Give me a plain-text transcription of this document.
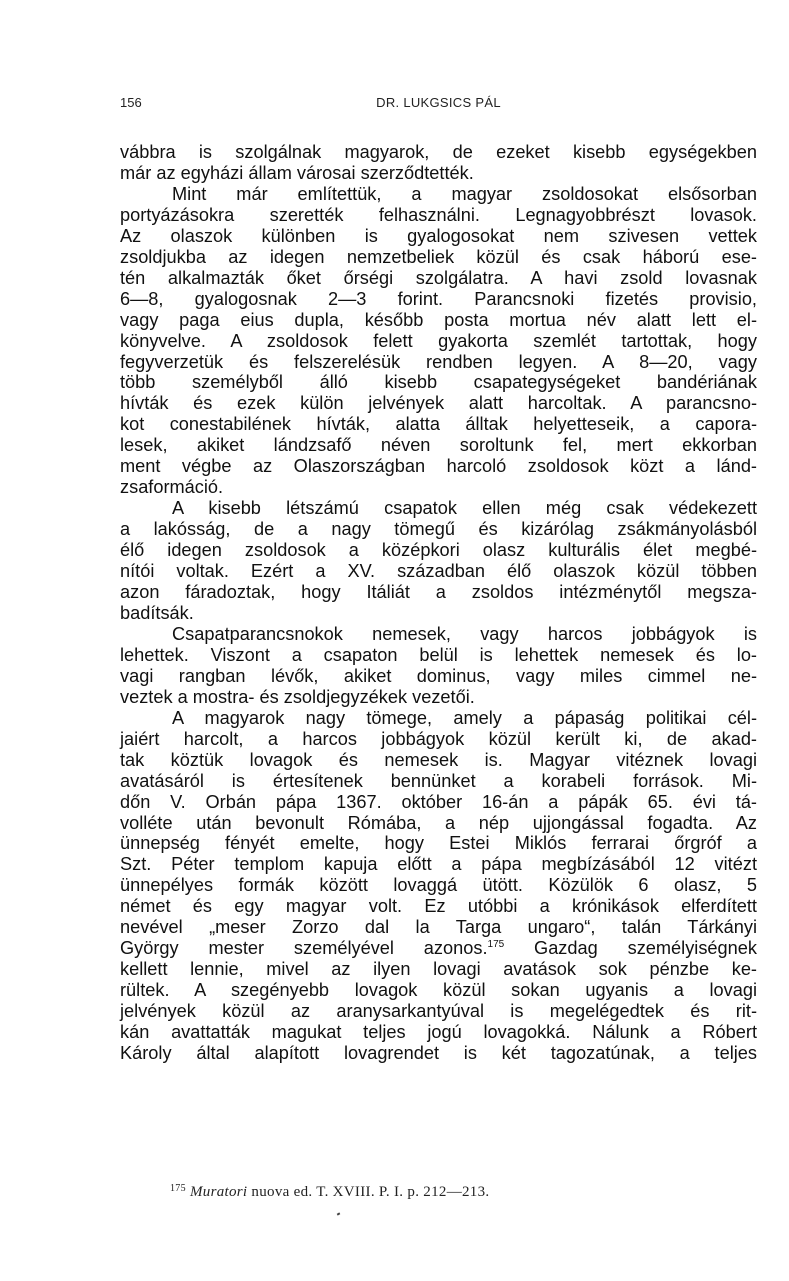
156	DR. LUKGSICS PÁL
vábbra is szolgálnak magyarok, de ezeket kisebb egységekben
már az egyházi állam városai szerződtették.
Mint már említettük, a magyar zsoldosokat elsősorban
portyázásokra szerették felhasználni. Legnagyobbrészt lovasok.
Az olaszok különben is gyalogosokat nem szivesen vettek
zsoldjukba az idegen nemzetbeliek közül és csak háború ese-
tén alkalmazták őket őrségi szolgálatra. A havi zsold lovasnak
6—8, gyalogosnak 2—3 forint. Parancsnoki fizetés provisio,
vagy paga eius dupla, később posta mortua név alatt lett el-
könyvelve. A zsoldosok felett gyakorta szemlét tartottak, hogy
fegyverzetük és felszerelésük rendben legyen. A 8—20, vagy
több személyből álló kisebb csapategységeket bandériának
hívták és ezek külön jelvények alatt harcoltak. A parancsno-
kot conestabilének hívták, alatta álltak helyetteseik, a capora-
lesek, akiket lándzsafő néven soroltunk fel, mert ekkorban
ment végbe az Olaszországban harcoló zsoldosok közt a lánd-
zsaformáció.
A kisebb létszámú csapatok ellen még csak védekezett
a lakósság, de a nagy tömegű és kizárólag zsákmányolásból
élő idegen zsoldosok a középkori olasz kulturális élet megbé-
nítói voltak. Ezért a XV. században élő olaszok közül többen
azon fáradoztak, hogy Itáliát a zsoldos intézménytől megsza-
badítsák.
Csapatparancsnokok nemesek, vagy harcos jobbágyok is
lehettek. Viszont a csapaton belül is lehettek nemesek és lo-
vagi rangban lévők, akiket dominus, vagy miles cimmel ne-
veztek a mostra- és zsoldjegyzékek vezetői.
A magyarok nagy tömege, amely a pápaság politikai cél-
jaiért harcolt, a harcos jobbágyok közül került ki, de akad-
tak köztük lovagok és nemesek is. Magyar vitéznek lovagi
avatásáról is értesítenek bennünket a korabeli források. Mi-
dőn V. Orbán pápa 1367. október 16-án a pápák 65. évi tá-
volléte után bevonult Rómába, a nép ujjongással fogadta. Az
ünnepség fényét emelte, hogy Estei Miklós ferrarai őrgróf a
Szt. Péter templom kapuja előtt a pápa megbízásából 12 vitézt
ünnepélyes formák között lovaggá ütött. Közülök 6 olasz, 5
német és egy magyar volt. Ez utóbbi a krónikások elferdített
nevével „meser Zorzo dal la Targa ungaro“, talán Tárkányi
György mester személyével azonos.$^{175}$ Gazdag személyiségnek
kellett lennie, mivel az ilyen lovagi avatások sok pénzbe ke-
rültek. A szegényebb lovagok közül sokan ugyanis a lovagi
jelvények közül az aranysarkantyúval is megelégedtek és rit-
kán avattatták magukat teljes jogú lovagokká. Nálunk a Róbert
Károly által alapított lovagrendet is két tagozatúnak, a teljes
$^{175}$ Muratori nuova ed. T. XVIII. P. I. p. 212—213.
